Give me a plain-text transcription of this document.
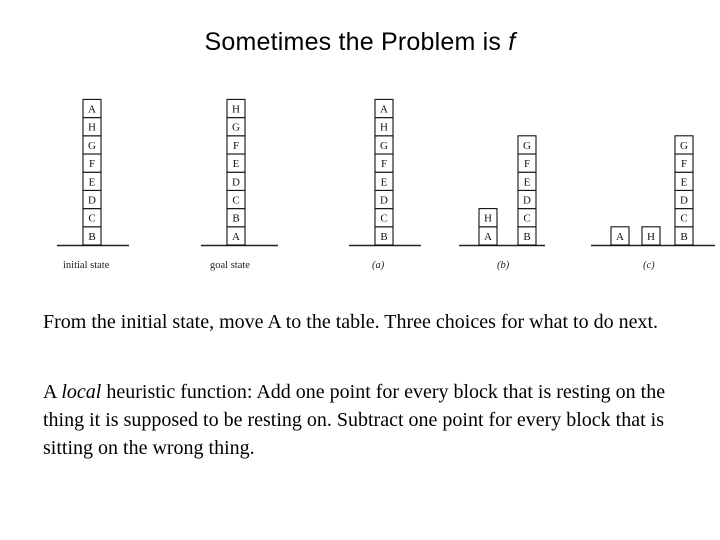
Sometimes the Problem is f
B
C
D
E
F
G
H
A
initial state
A
B
C
D
E
F
G
H
goal state
B
C
D
E
F
G
H
A
(a)
A
H
B
C
D
E
F
G
(b)
A H B
C
D
E
F
G
(c)
From the initial state, move A to the table. Three choices for what to do next.
A local heuristic function: Add one point for every block that is resting on the thing it is supposed to be resting on. Subtract one point for every block that is sitting on the wrong thing.
